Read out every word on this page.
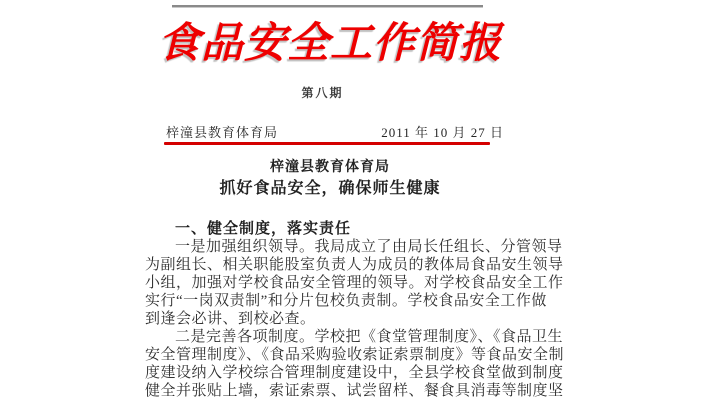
食品安全工作简报
第八期
梓潼县教育体育局	2011 年 10 月 27 日
梓潼县教育体育局
抓好食品安全，确保师生健康
一、健全制度，落实责任
一是加强组织领导。我局成立了由局长任组长、分管领导
为副组长、相关职能股室负责人为成员的教体局食品安生领导
小组，加强对学校食品安全管理的领导。对学校食品安全工作
实行“一岗双责制”和分片包校负责制。学校食品安全工作做
到逢会必讲、到校必查。
二是完善各项制度。学校把《食堂管理制度》、《食品卫生
安全管理制度》、《食品采购验收索证索票制度》等食品安全制
度建设纳入学校综合管理制度建设中，全县学校食堂做到制度
健全并张贴上墙，索证索票、试尝留样、餐食具消毒等制度坚
